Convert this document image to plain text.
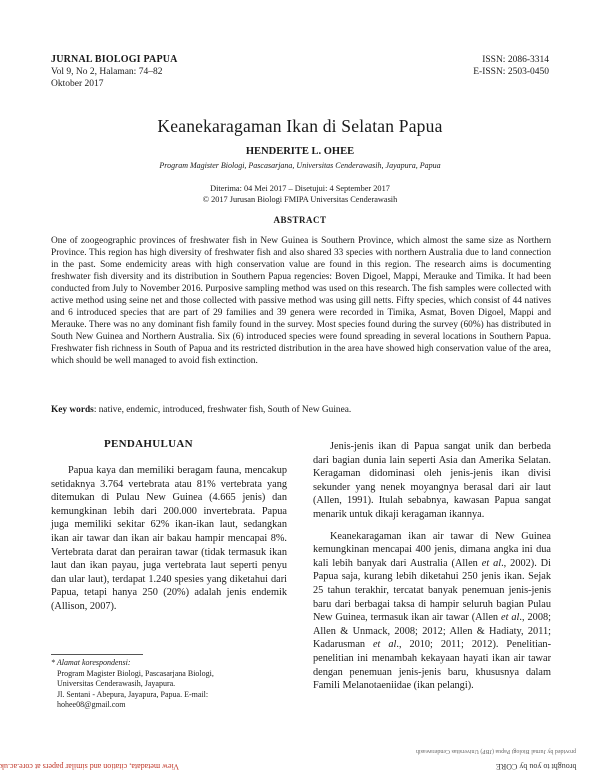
JURNAL BIOLOGI PAPUA
Vol 9, No 2, Halaman: 74–82
Oktober 2017
ISSN: 2086-3314
E-ISSN: 2503-0450
Keanekaragaman Ikan di Selatan Papua
HENDERITE L. OHEE
Program Magister Biologi, Pascasarjana, Universitas Cenderawasih, Jayapura, Papua
Diterima: 04 Mei 2017 – Disetujui: 4 September 2017
© 2017 Jurusan Biologi FMIPA Universitas Cenderawasih
ABSTRACT

One of zoogeographic provinces of freshwater fish in New Guinea is Southern Province, which almost the same size as Northern Province. This region has high diversity of freshwater fish and also shared 33 species with northern Australia due to land connection in the past. Some endemicity areas with high conservation value are found in this region. The research aims is documenting freshwater fish diversity and its distribution in Southern Papua regencies: Boven Digoel, Mappi, Merauke and Timika. It had been conducted from July to November 2016. Purposive sampling method was used on this research. The fish samples were collected with active method using seine net and those collected with passive method was using gill netts. Fifty species, which consist of 44 natives and 6 introduced species that are part of 29 families and 39 genera were recorded in Timika, Asmat, Boven Digoel, Mappi and Merauke. There was no any dominant fish family found in the survey. Most species found during the survey (60%) has distributed in South New Guinea and Northern Australia. Six (6) introduced species were found spreading in several locations in Southern Papua. Freshwater fish richness in South of Papua and its restricted distribution in the area have showed high conservation value of the area, which should be well managed to avoid fish extinction.

Key words: native, endemic, introduced, freshwater fish, South of New Guinea.

PENDAHULUAN

Papua kaya dan memiliki beragam fauna, mencakup setidaknya 3.764 vertebrata atau 81% vertebrata yang ditemukan di Pulau New Guinea (4.665 jenis) dan kemungkinan lebih dari 200.000 invertebrata. Papua juga memiliki sekitar 62% ikan-ikan laut, sedangkan ikan air tawar dan ikan air bakau hampir mencapai 8%. Vertebrata darat dan perairan tawar (tidak termasuk ikan laut dan ikan payau, juga vertebrata laut seperti penyu dan ular laut), terdapat 1.240 spesies yang diketahui dari Papua, tetapi hanya 250 (20%) adalah jenis endemik (Allison, 2007).

Jenis-jenis ikan di Papua sangat unik dan berbeda dari bagian dunia lain seperti Asia dan Amerika Selatan. Keragaman didominasi oleh jenis-jenis ikan divisi sekunder yang nenek moyangnya berasal dari air laut (Allen, 1991). Itulah sebabnya, kawasan Papua sangat menarik untuk dikaji keragaman ikannya.

Keanekaragaman ikan air tawar di New Guinea kemungkinan mencapai 400 jenis, dimana angka ini dua kali lebih banyak dari Australia (Allen et al., 2002). Di Papua saja, kurang lebih diketahui 250 jenis ikan. Sejak 25 tahun terakhir, tercatat banyak penemuan jenis-jenis baru dari berbagai taksa di hampir seluruh bagian Pulau New Guinea, termasuk ikan air tawar (Allen et al., 2008; Allen & Unmack, 2008; 2012; Allen & Hadiaty, 2011; Kadarusman et al., 2010; 2011; 2012). Penelitian-penelitian ini menambah kekayaan hayati ikan air tawar dengan penemuan jenis-jenis baru, khususnya dalam Famili Melanotaeniidae (ikan pelangi).

* Alamat korespondensi:
Program Magister Biologi, Pascasarjana Biologi,
Universitas Cenderawasih, Jayapura.
Jl. Sentani - Abepura, Jayapura, Papua. E-mail:
hohee08@gmail.com
View metadata, citation and similar papers at core.ac.uk
provided by Jurnal Biologi Papua (JBP) Universitas Cenderawasih
brought to you by CORE
